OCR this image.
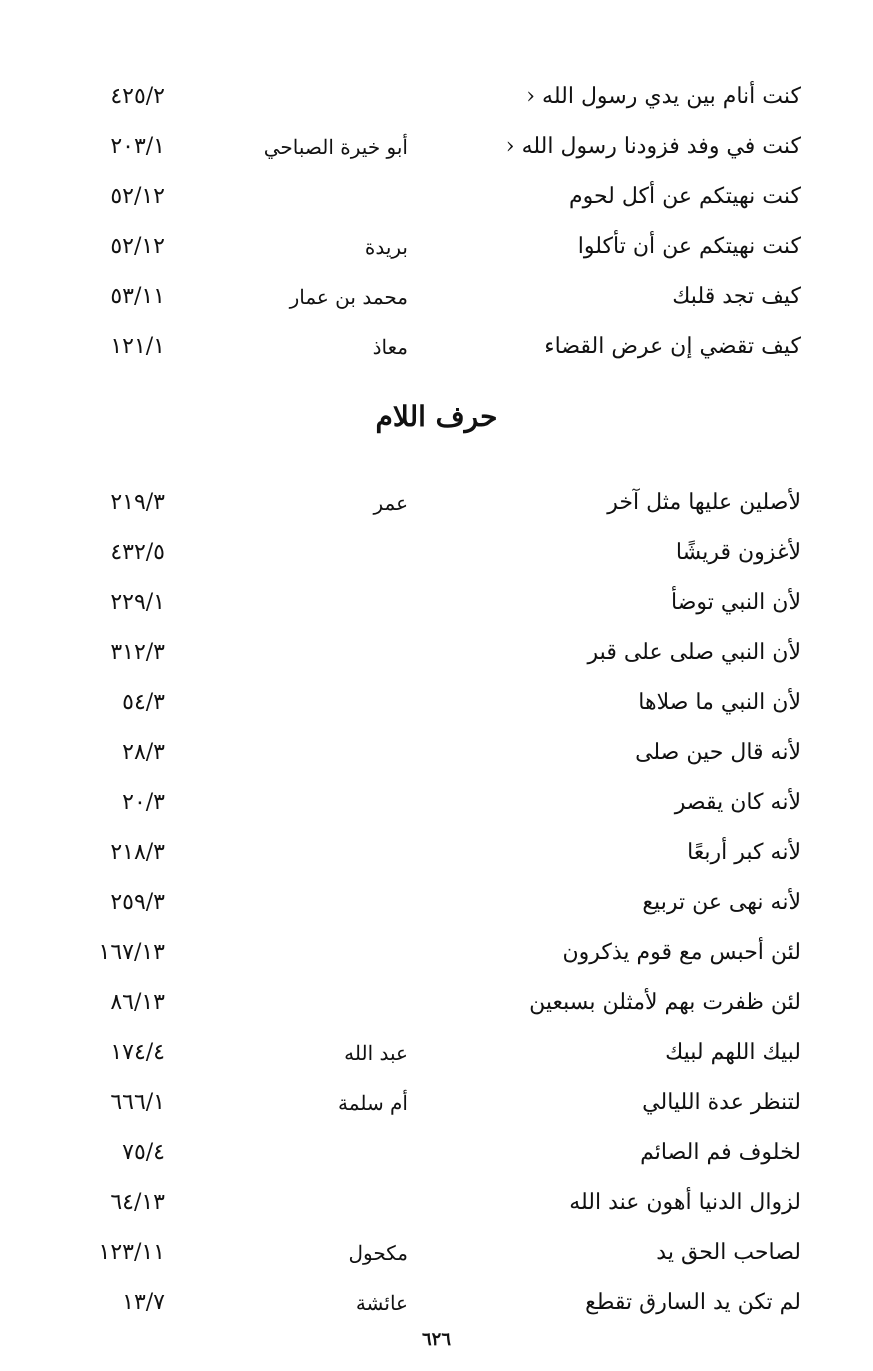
كنت أنام بين يدي رسول الله ‹
٤٢٥/٢
كنت في وفد فزودنا رسول الله ‹
أبو خيرة الصباحي
٢٠٣/١
كنت نهيتكم عن أكل لحوم
٥٢/١٢
كنت نهيتكم عن أن تأكلوا
بريدة
٥٢/١٢
كيف تجد قلبك
محمد بن عمار
٥٣/١١
كيف تقضي إن عرض القضاء
معاذ
١٢١/١
حرف اللام
لأصلين عليها مثل آخر
عمر
٢١٩/٣
لأغزون قريشًا
٤٣٢/٥
لأن النبي توضأ
٢٢٩/١
لأن النبي صلى على قبر
٣١٢/٣
لأن النبي ما صلاها
٥٤/٣
لأنه قال حين صلى
٢٨/٣
لأنه كان يقصر
٢٠/٣
لأنه كبر أربعًا
٢١٨/٣
لأنه نهى عن تربيع
٢٥٩/٣
لئن أحبس مع قوم يذكرون
١٦٧/١٣
لئن ظفرت بهم لأمثلن بسبعين
٨٦/١٣
لبيك اللهم لبيك
عبد الله
١٧٤/٤
لتنظر عدة الليالي
أم سلمة
٦٦٦/١
لخلوف فم الصائم
٧٥/٤
لزوال الدنيا أهون عند الله
٦٤/١٣
لصاحب الحق يد
مكحول
١٢٣/١١
لم تكن يد السارق تقطع
عائشة
١٣/٧
٦٢٦
